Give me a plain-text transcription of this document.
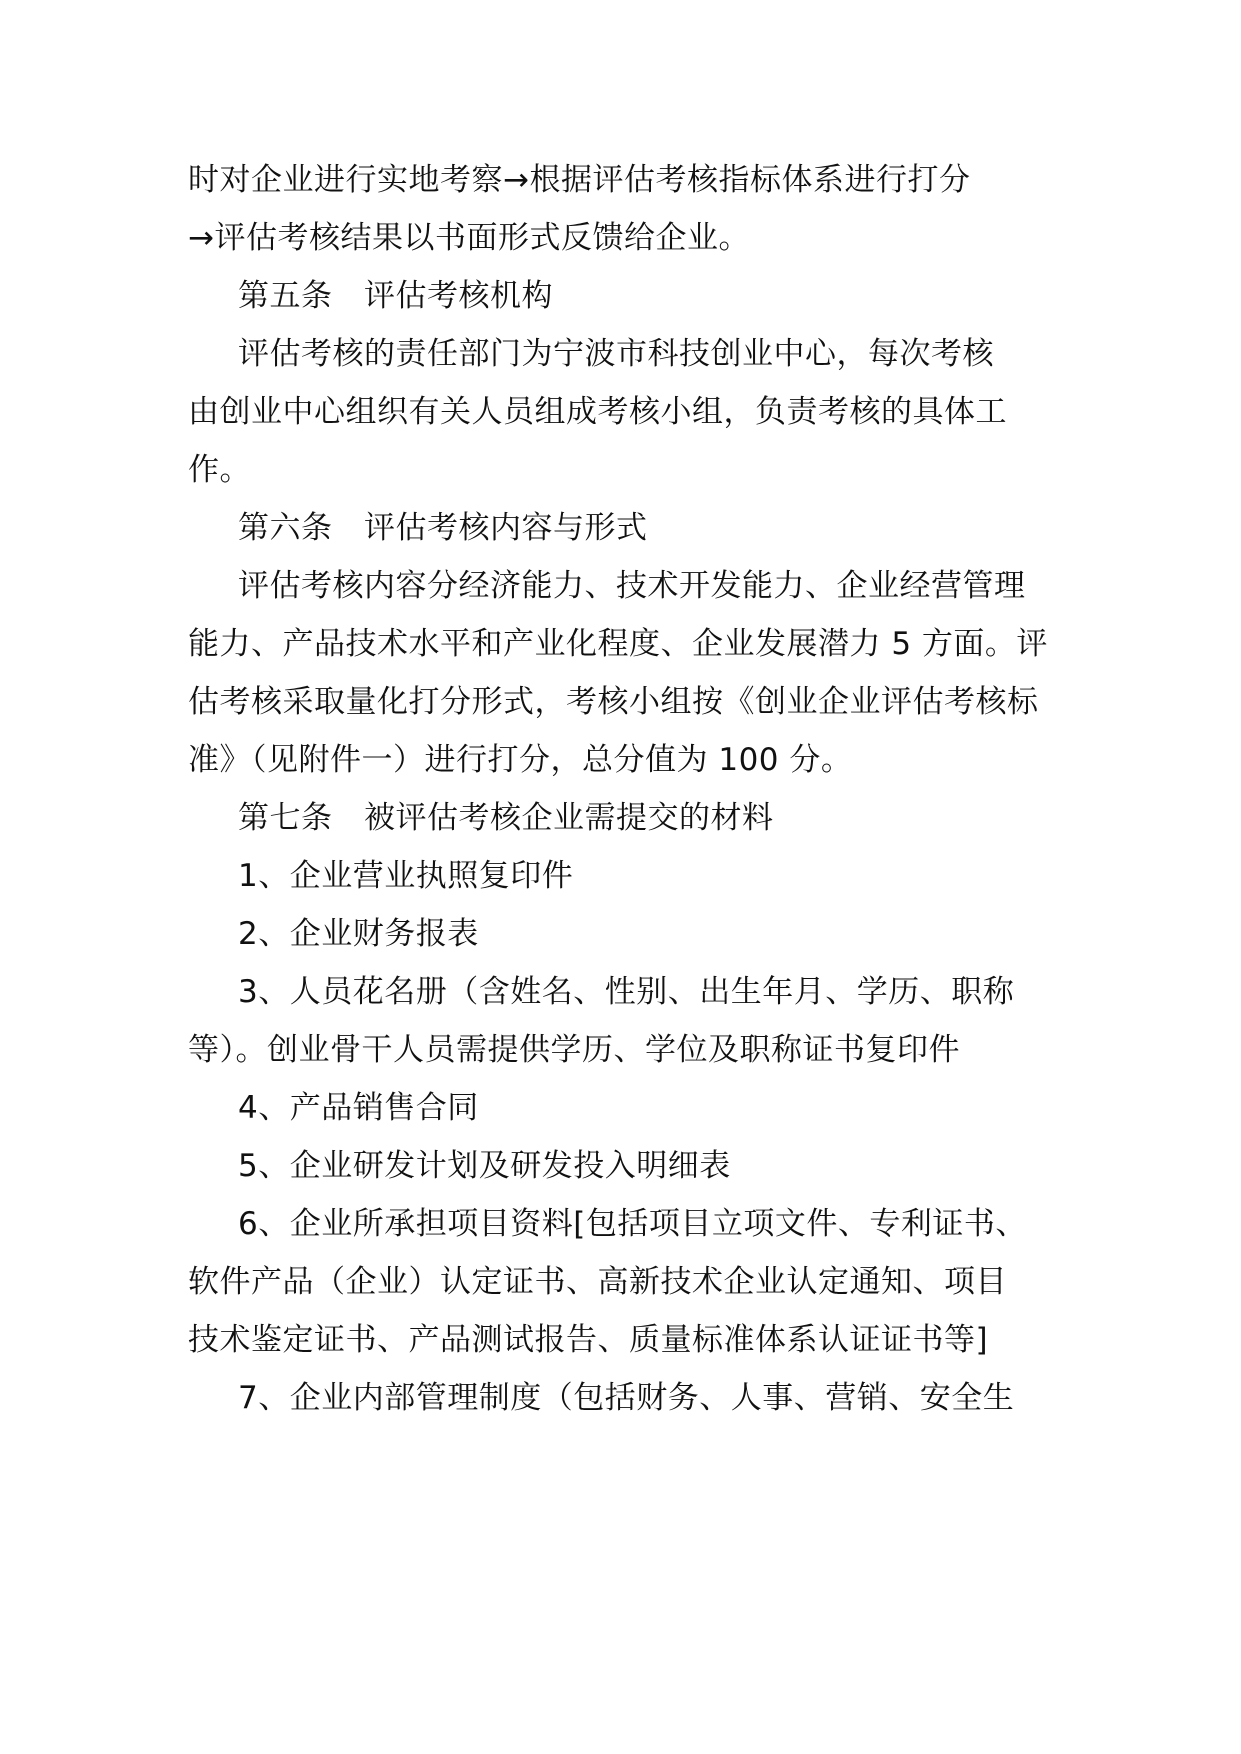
时对企业进行实地考察→根据评估考核指标体系进行打分
→评估考核结果以书面形式反馈给企业。
第五条　评估考核机构
评估考核的责任部门为宁波市科技创业中心，每次考核
由创业中心组织有关人员组成考核小组，负责考核的具体工
作。
第六条　评估考核内容与形式
评估考核内容分经济能力、技术开发能力、企业经营管理
能力、产品技术水平和产业化程度、企业发展潜力 5 方面。评
估考核采取量化打分形式，考核小组按《创业企业评估考核标
准》（见附件一）进行打分，总分值为 100 分。
第七条　被评估考核企业需提交的材料
1、企业营业执照复印件
2、企业财务报表
3、人员花名册（含姓名、性别、出生年月、学历、职称
等）。创业骨干人员需提供学历、学位及职称证书复印件
4、产品销售合同
5、企业研发计划及研发投入明细表
6、企业所承担项目资料[包括项目立项文件、专利证书、
软件产品（企业）认定证书、高新技术企业认定通知、项目
技术鉴定证书、产品测试报告、质量标准体系认证证书等]
7、企业内部管理制度（包括财务、人事、营销、安全生
